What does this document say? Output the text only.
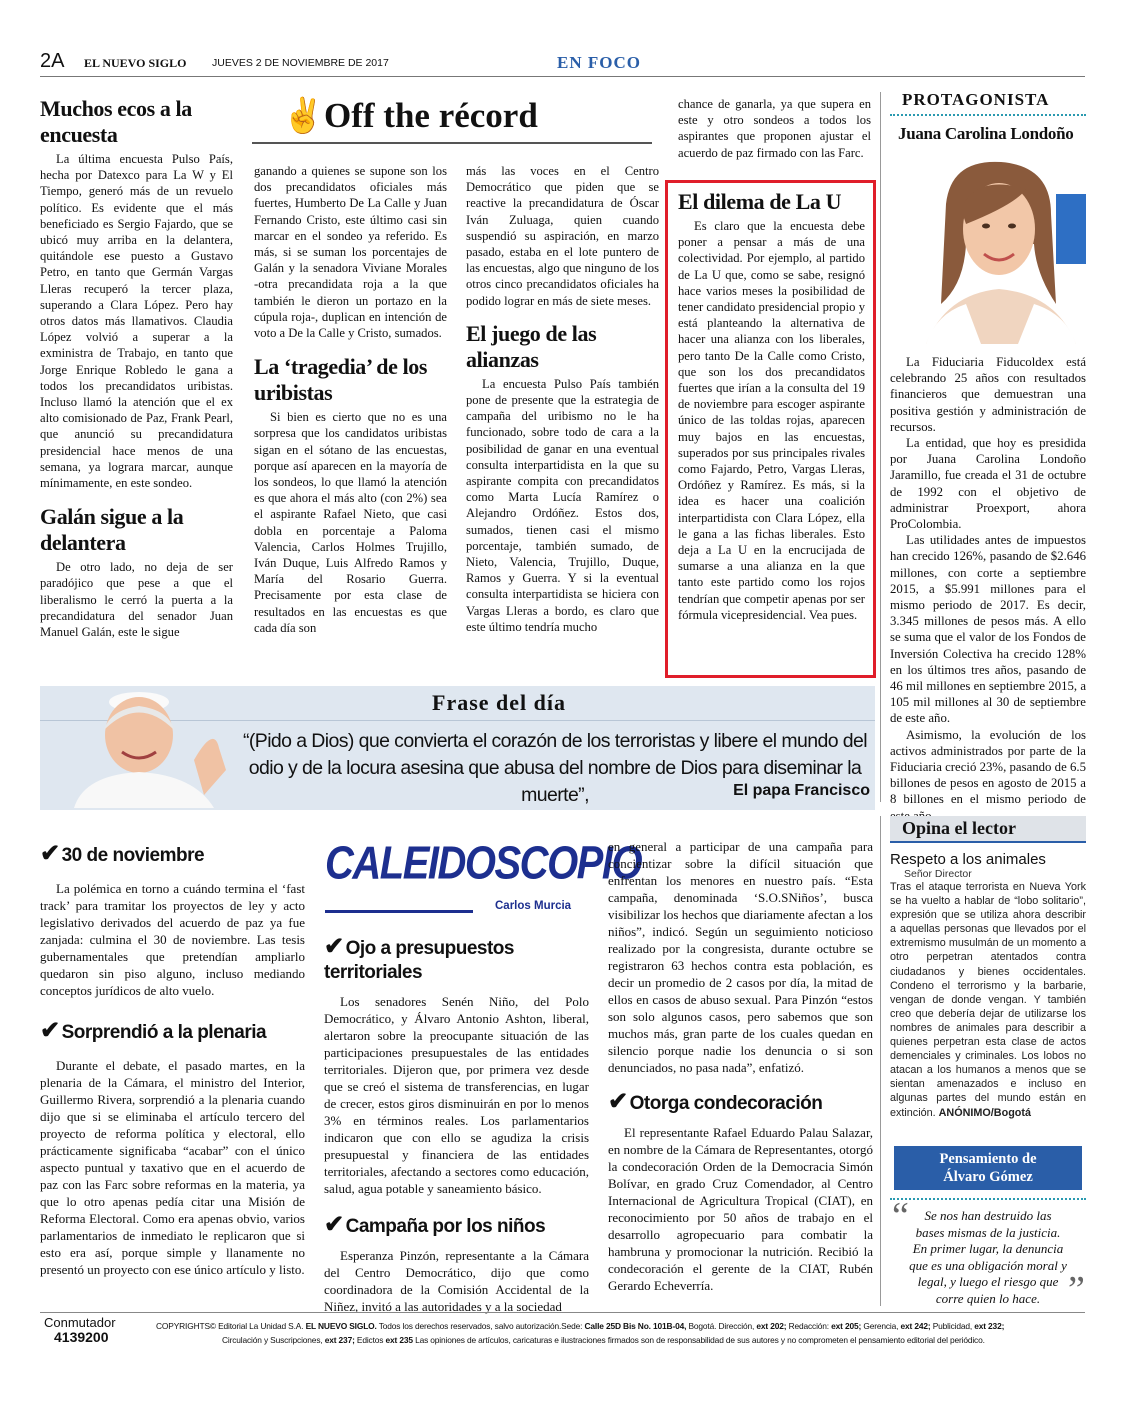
2A EL NUEVO SIGLO JUEVES 2 DE NOVIEMBRE DE 2017	EN FOCO
Muchos ecos a la encuesta

La última encuesta Pulso País, hecha por Datexco para La W y El Tiempo, generó más de un revuelo político. Es evidente que el más beneficiado es Sergio Fajardo, que se ubicó muy arriba en la delantera, quitándole ese puesto a Gustavo Petro, en tanto que Germán Vargas Lleras recuperó la tercer plaza, superando a Clara López. Pero hay otros datos más llamativos. Claudia López volvió a superar a la exministra de Trabajo, en tanto que Jorge Enrique Robledo le gana a todos los precandidatos uribistas. Incluso llamó la atención que el ex alto comisionado de Paz, Frank Pearl, que anunció su precandidatura presidencial hace menos de una semana, ya lograra marcar, aunque mínimamente, en este sondeo.

Galán sigue a la delantera

De otro lado, no deja de ser paradójico que pese a que el liberalismo le cerró la puerta a la precandidatura del senador Juan Manuel Galán, este le sigue

✌ Off the récord

ganando a quienes se supone son los dos precandidatos oficiales más fuertes, Humberto De La Calle y Juan Fernando Cristo, este último casi sin marcar en el sondeo ya referido. Es más, si se suman los porcentajes de Galán y la senadora Viviane Morales -otra precandidata roja a la que también le dieron un portazo en la cúpula roja-, duplican en intención de voto a De la Calle y Cristo, sumados.

La ‘tragedia’ de los uribistas

Si bien es cierto que no es una sorpresa que los candidatos uribistas sigan en el sótano de las encuestas, porque así aparecen en la mayoría de los sondeos, lo que llamó la atención es que ahora el más alto (con 2%) sea el aspirante Rafael Nieto, que casi dobla en porcentaje a Paloma Valencia, Carlos Holmes Trujillo, Iván Duque, Luis Alfredo Ramos y María del Rosario Guerra. Precisamente por esta clase de resultados en las encuestas es que cada día son

más las voces en el Centro Democrático que piden que se reactive la precandidatura de Óscar Iván Zuluaga, quien cuando suspendió su aspiración, en marzo pasado, estaba en el lote puntero de las encuestas, algo que ninguno de los otros cinco precandidatos oficiales ha podido lograr en más de siete meses.

El juego de las alianzas

La encuesta Pulso País también pone de presente que la estrategia de campaña del uribismo no le ha funcionado, sobre todo de cara a la posibilidad de ganar en una eventual consulta interpartidista en la que su aspirante compita con precandidatos como Marta Lucía Ramírez o Alejandro Ordóñez. Estos dos, sumados, tienen casi el mismo porcentaje, también sumado, de Nieto, Valencia, Trujillo, Duque, Ramos y Guerra. Y si la eventual consulta interpartidista se hiciera con Vargas Lleras a bordo, es claro que este último tendría mucho

chance de ganarla, ya que supera en este y otro sondeos a todos los aspirantes que proponen ajustar el acuerdo de paz firmado con las Farc.

El dilema de La U

Es claro que la encuesta debe poner a pensar a más de una colectividad. Por ejemplo, al partido de La U que, como se sabe, resignó hace varios meses la posibilidad de tener candidato presidencial propio y está planteando la alternativa de hacer una alianza con los liberales, pero tanto De la Calle como Cristo, que son los dos precandidatos fuertes que irían a la consulta del 19 de noviembre para escoger aspirante único de las toldas rojas, aparecen muy bajos en las encuestas, superados por sus principales rivales como Fajardo, Petro, Vargas Lleras, Ordóñez y Ramírez. Es más, si la idea es hacer una coalición interpartidista con Clara López, ella le gana a las fichas liberales. Esto deja a La U en la encrucijada de sumarse a una alianza en la que tanto este partido como los rojos tendrían que competir apenas por ser fórmula vicepresidencial. Vea pues.

PROTAGONISTA
Juana Carolina Londoño

La Fiduciaria Fiducoldex está celebrando 25 años con resultados financieros que demuestran una positiva gestión y administración de recursos.

La entidad, que hoy es presidida por Juana Carolina Londoño Jaramillo, fue creada el 31 de octubre de 1992 con el objetivo de administrar Proexport, ahora ProColombia.

Las utilidades antes de impuestos han crecido 126%, pasando de $2.646 millones, con corte a septiembre 2015, a $5.991 millones para el mismo periodo de 2017. Es decir, 3.345 millones de pesos más. A ello se suma que el valor de los Fondos de Inversión Colectiva ha crecido 128% en los últimos tres años, pasando de 46 mil millones en septiembre 2015, a 105 mil millones al 30 de septiembre de este año.

Asimismo, la evolución de los activos administrados por parte de la Fiduciaria creció 23%, pasando de 6.5 billones de pesos en agosto de 2015 a 8 billones en el mismo periodo de

Frase del día
“(Pido a Dios) que convierta el corazón de los terroristas y libere el mundo del odio y de la locura asesina que abusa del nombre de Dios para diseminar la muerte”,	El papa Francisco
✔ 30 de noviembre

La polémica en torno a cuándo termina el ‘fast track’ para tramitar los proyectos de ley y acto legislativo derivados del acuerdo de paz ya fue zanjada: culmina el 30 de noviembre. Las tesis gubernamentales que pretendían ampliarlo quedaron sin piso alguno, incluso mediando conceptos jurídicos de alto vuelo.

✔ Sorprendió a la plenaria

Durante el debate, el pasado martes, en la plenaria de la Cámara, el ministro del Interior, Guillermo Rivera, sorprendió a la plenaria cuando dijo que si se eliminaba el artículo tercero del proyecto de reforma política y electoral, ello prácticamente significaba “acabar” con el único aspecto puntual y taxativo que en el acuerdo de paz con las Farc sobre reformas en la materia, ya que lo otro apenas pedía citar una Misión de Reforma Electoral. Como era apenas obvio, varios parlamentarios de inmediato le replicaron que si esto era así, porque simple y llanamente no presentó un proyecto con ese único artículo y listo.

CALEIDOSCOPIO
Carlos Murcia
✔ Ojo a presupuestos territoriales

Los senadores Senén Niño, del Polo Democrático, y Álvaro Antonio Ashton, liberal, alertaron sobre la preocupante situación de las participaciones presupuestales de las entidades territoriales. Dijeron que, por primera vez desde que se creó el sistema de transferencias, en lugar de crecer, estos giros disminuirán en por lo menos 3% en términos reales. Los parlamentarios indicaron que con ello se agudiza la crisis presupuestal y financiera de las entidades territoriales, afectando a sectores como educación, salud, agua potable y saneamiento básico.

✔ Campaña por los niños

Esperanza Pinzón, representante a la Cámara del Centro Democrático, dijo que como coordinadora de la Comisión Accidental de la Niñez, invitó a las autoridades y a la sociedad

en general a participar de una campaña para concientizar sobre la difícil situación que enfrentan los menores en nuestro país. “Esta campaña, denominada ‘S.O.SNiños’, busca visibilizar los hechos que diariamente afectan a los niños”, indicó. Según un seguimiento noticioso realizado por la congresista, durante octubre se registraron 63 hechos contra esta población, es decir un promedio de 2 casos por día, la mitad de ellos en casos de abuso sexual. Para Pinzón “estos son solo algunos casos, pero sabemos que son muchos más, gran parte de los cuales quedan en silencio porque nadie los denuncia o si son denunciados, no pasa nada”, enfatizó.

✔ Otorga condecoración

El representante Rafael Eduardo Palau Salazar, en nombre de la Cámara de Representantes, otorgó la condecoración Orden de la Democracia Simón Bolívar, en grado Cruz Comendador, al Centro Internacional de Agricultura Tropical (CIAT), en reconocimiento por 50 años de trabajo en el desarrollo agropecuario para combatir la hambruna y promocionar la nutrición. Recibió la condecoración el gerente de la CIAT, Rubén Gerardo Echeverría.

Opina el lector
Respeto a los animales
Señor Director
Tras el ataque terrorista en Nueva York se ha vuelto a hablar de “lobo solitario”, expresión que se utiliza ahora describir a aquellas personas que llevados por el extremismo musulmán de un momento a otro perpetran atentados contra ciudadanos y bienes occidentales. Condeno el terrorismo y la barbarie, vengan de donde vengan. Y también creo que debería dejar de utilizarse los nombres de animales para describir a quienes perpetran esta clase de actos demenciales y criminales. Los lobos no atacan a los humanos a menos que se sientan amenazados e incluso en algunas partes del mundo están en extinción. ANÓNIMO/Bogotá
Pensamiento de
Álvaro Gómez
“	Se nos han destruido las
bases mismas de la justicia.
En primer lugar, la denuncia
que es una obligación moral y
legal, y luego el riesgo que
corre quien lo hace. ”
Conmutador
4139200
COPYRIGHTS© Editorial La Unidad S.A. EL NUEVO SIGLO. Todos los derechos reservados, salvo autorización.Sede: Calle 25D Bis No. 101B-04, Bogotá. Dirección, ext 202; Redacción: ext 205; Gerencia, ext 242; Publicidad, ext 232;
Circulación y Suscripciones, ext 237; Edictos ext 235 Las opiniones de artículos, caricaturas e ilustraciones firmados son de responsabilidad de sus autores y no comprometen el pensamiento editorial del periódico.
